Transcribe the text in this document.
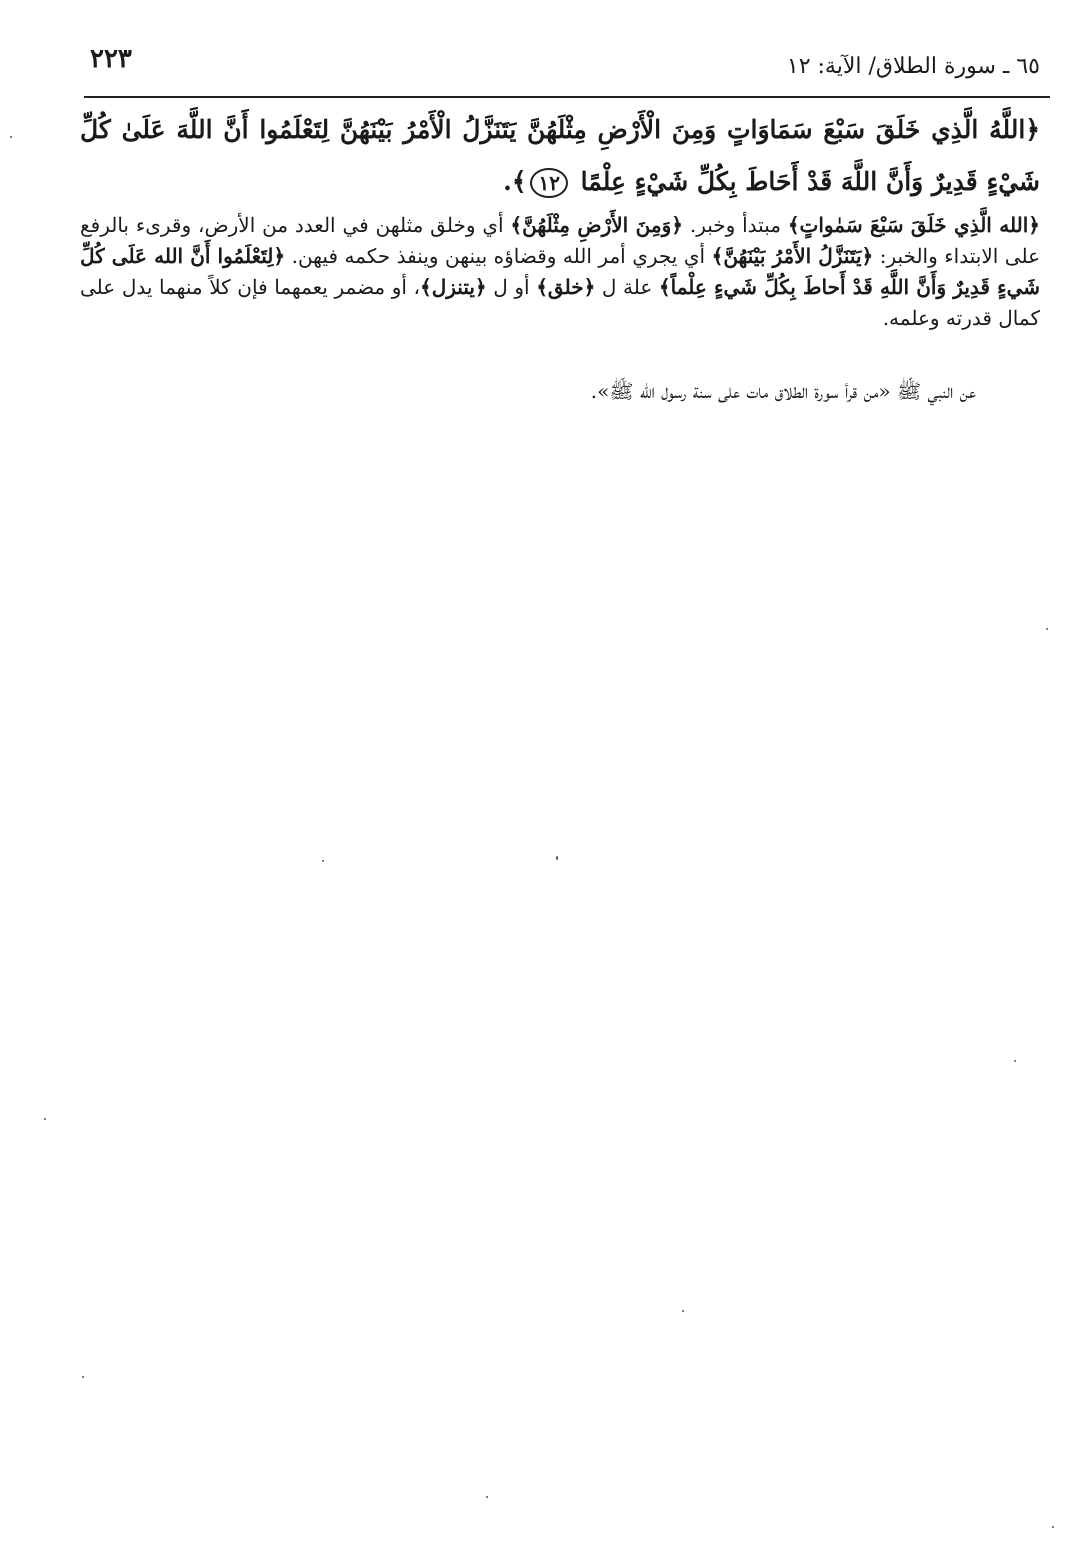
٢٢٣	٦٥ ـ سورة الطلاق/ الآية: ١٢
﴿اللَّهُ الَّذِي خَلَقَ سَبْعَ سَمَاوَاتٍ وَمِنَ الْأَرْضِ مِثْلَهُنَّ يَتَنَزَّلُ الْأَمْرُ بَيْنَهُنَّ لِتَعْلَمُوا أَنَّ اللَّهَ عَلَىٰ كُلِّ شَيْءٍ قَدِيرٌ وَأَنَّ اللَّهَ قَدْ أَحَاطَ بِكُلِّ شَيْءٍ عِلْمًا ١٢﴾.

﴿الله الَّذِي خَلَقَ سَبْعَ سَمٰواتٍ﴾ مبتدأ وخبر. ﴿وَمِنَ الأَرْضِ مِثْلَهُنَّ﴾ أي وخلق مثلهن في العدد من الأرض، وقرىء بالرفع على الابتداء والخبر: ﴿يَتَنَزَّلُ الأَمْرُ بَيْنَهُنَّ﴾ أي يجري أمر الله وقضاؤه بينهن وينفذ حكمه فيهن. ﴿لِتَعْلَمُوا أَنَّ الله عَلَى كُلِّ شَيءٍ قَدِيرٌ وَأَنَّ اللَّهِ قَدْ أَحاطَ بِكُلِّ شَيءٍ عِلْماً﴾ علة ل ﴿خلق﴾ أو ل ﴿يتنزل﴾، أو مضمر يعمهما فإن كلاً منهما يدل على كمال قدرته وعلمه.

عن النبي ﷺ «من قرأ سورة الطلاق مات على سنة رسول الله ﷺ».
